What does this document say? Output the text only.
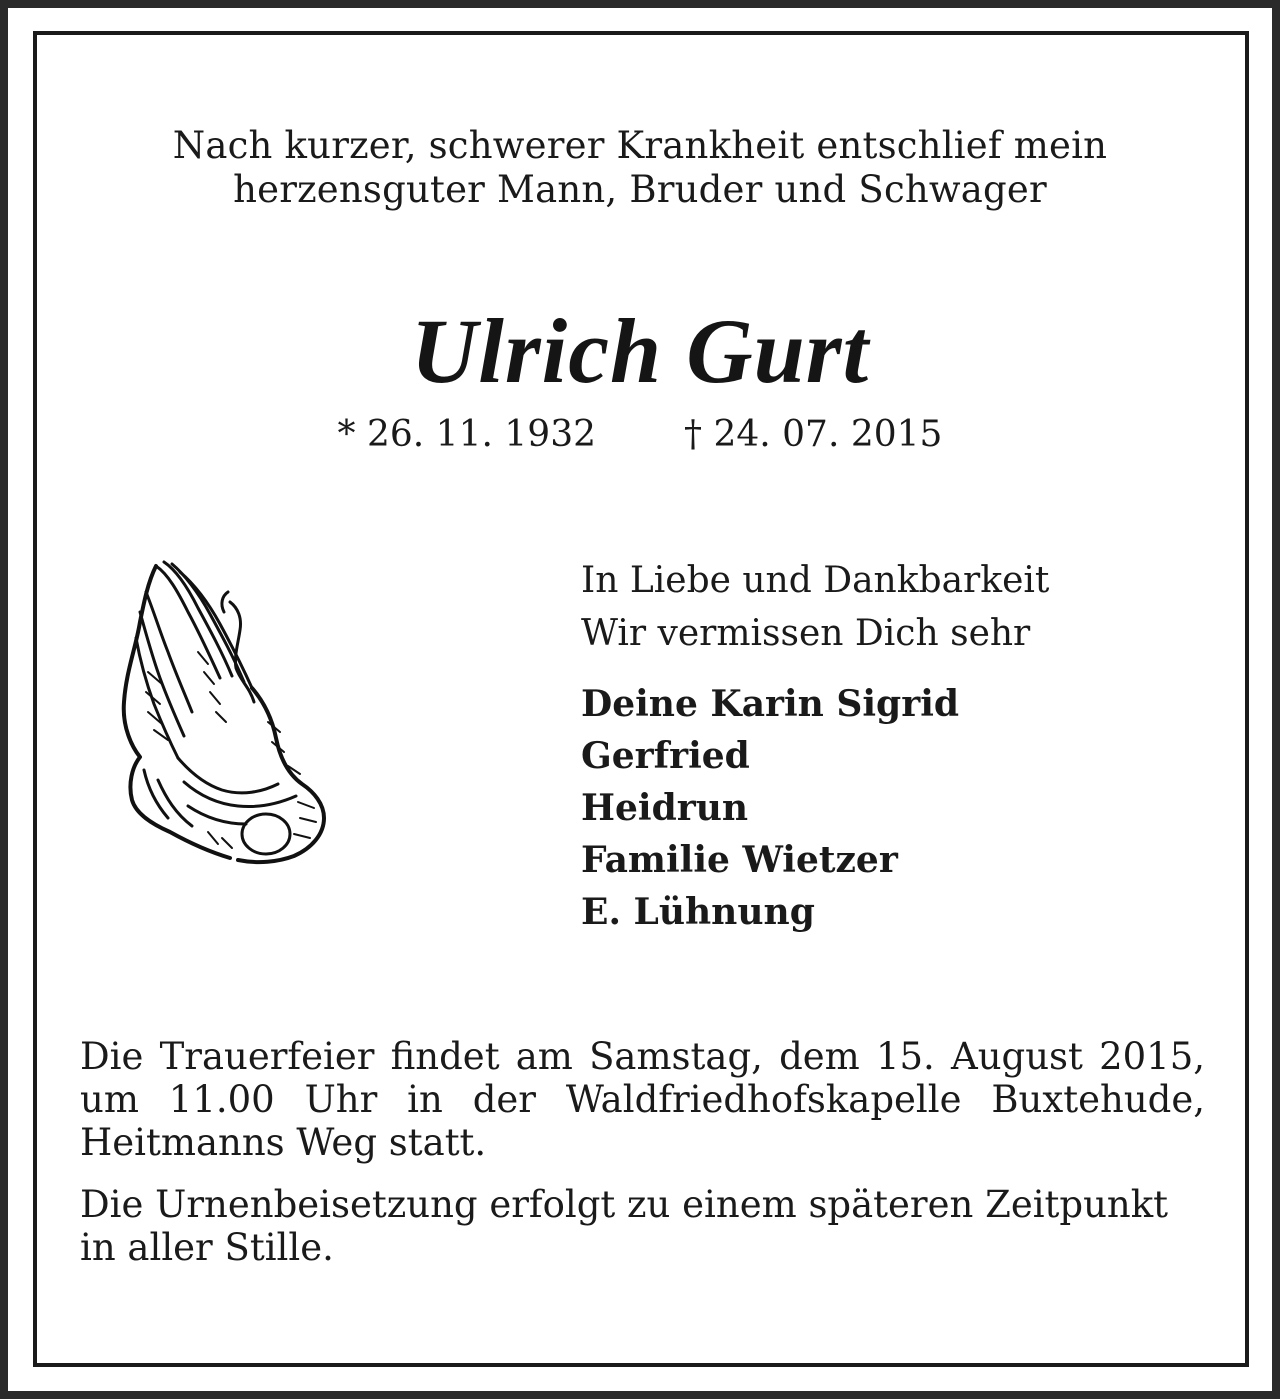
Nach kurzer, schwerer Krankheit entschlief mein
herzensguter Mann, Bruder und Schwager
Ulrich Gurt
* 26. 11. 1932 † 24. 07. 2015
In Liebe und Dankbarkeit
Wir vermissen Dich sehr
Deine Karin Sigrid
Gerfried
Heidrun
Familie Wietzer
E. Lühnung
Die Trauerfeier findet am Samstag, dem 15. August 2015, um 11.00 Uhr in der Waldfriedhofskapelle Buxtehude, Heitmanns Weg statt.
Die Urnenbeisetzung erfolgt zu einem späteren Zeitpunkt in aller Stille.
